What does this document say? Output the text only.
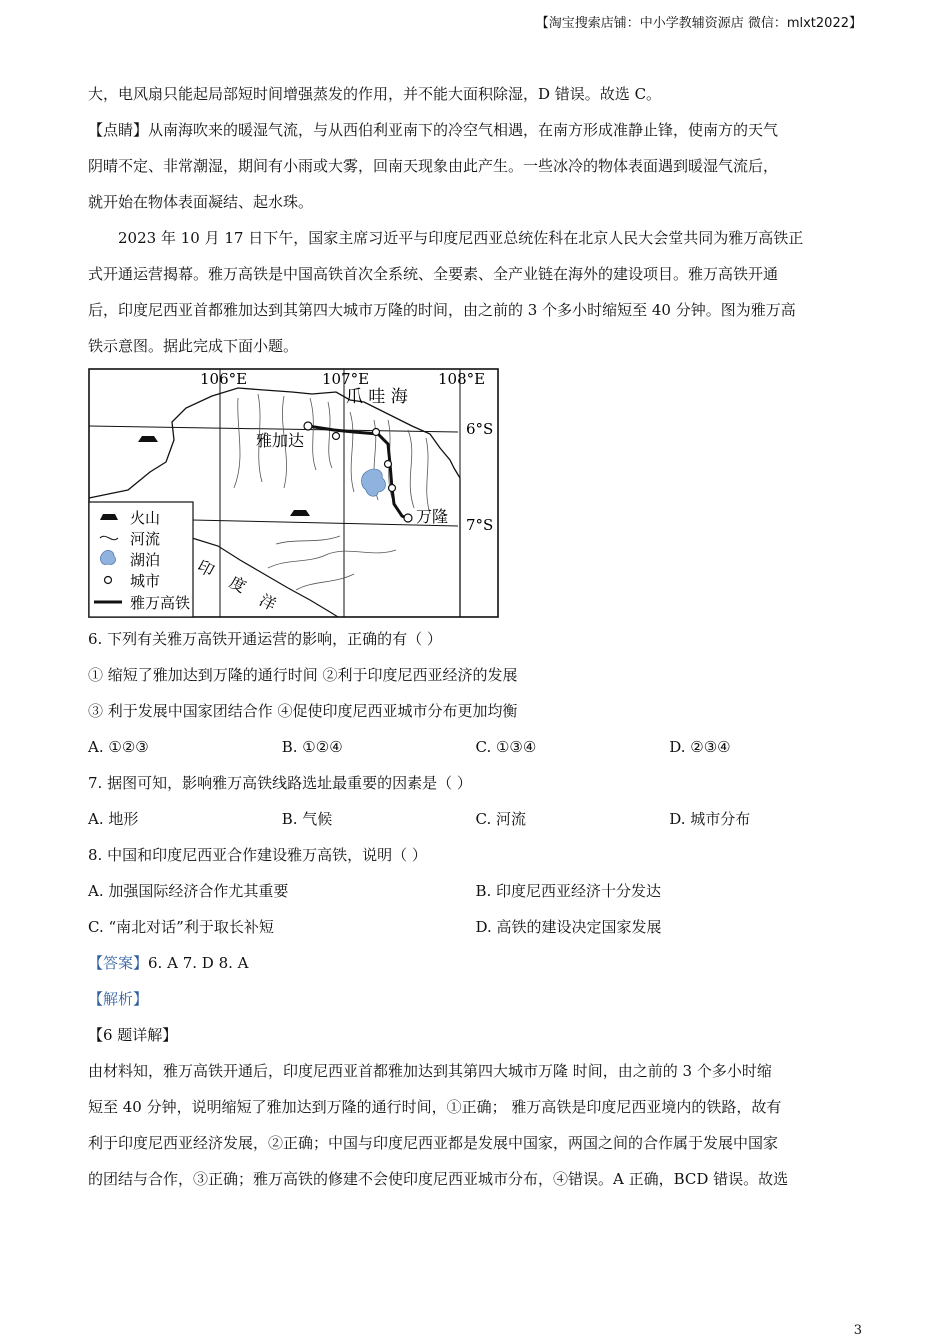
【淘宝搜索店铺：中小学教辅资源店 微信：mlxt2022】
大，电风扇只能起局部短时间增强蒸发的作用，并不能大面积除湿，D 错误。故选 C。
【点睛】从南海吹来的暖湿气流，与从西伯利亚南下的冷空气相遇，在南方形成准静止锋，使南方的天气
阴晴不定、非常潮湿，期间有小雨或大雾，回南天现象由此产生。一些冰冷的物体表面遇到暖湿气流后，
就开始在物体表面凝结、起水珠。
2023 年 10 月 17 日下午，国家主席习近平与印度尼西亚总统佐科在北京人民大会堂共同为雅万高铁正
式开通运营揭幕。雅万高铁是中国高铁首次全系统、全要素、全产业链在海外的建设项目。雅万高铁开通
后，印度尼西亚首都雅加达到其第四大城市万隆的时间，由之前的 3 个多小时缩短至 40 分钟。图为雅万高
铁示意图。据此完成下面小题。
106°E	107°E	108°E
6°S
7°S
爪 哇 海
雅加达
万隆
印
度
洋
火山
河流
湖泊
城市
雅万高铁
6. 下列有关雅万高铁开通运营的影响，正确的有（ ）
① 缩短了雅加达到万隆的通行时间 ②利于印度尼西亚经济的发展
③ 利于发展中国家团结合作 ④促使印度尼西亚城市分布更加均衡
A. ①②③	B. ①②④	C. ①③④	D. ②③④
7. 据图可知，影响雅万高铁线路选址最重要的因素是（ ）
A. 地形	B. 气候	C. 河流	D. 城市分布
8. 中国和印度尼西亚合作建设雅万高铁，说明（ ）
A. 加强国际经济合作尤其重要	B. 印度尼西亚经济十分发达
C. “南北对话”利于取长补短	D. 高铁的建设决定国家发展
【答案】6. A 7. D 8. A
【解析】
【6 题详解】
由材料知，雅万高铁开通后，印度尼西亚首都雅加达到其第四大城市万隆 时间，由之前的 3 个多小时缩
短至 40 分钟，说明缩短了雅加达到万隆的通行时间，①正确； 雅万高铁是印度尼西亚境内的铁路，故有
利于印度尼西亚经济发展，②正确；中国与印度尼西亚都是发展中国家，两国之间的合作属于发展中国家
的团结与合作，③正确；雅万高铁的修建不会使印度尼西亚城市分布，④错误。A 正确，BCD 错误。故选
3
